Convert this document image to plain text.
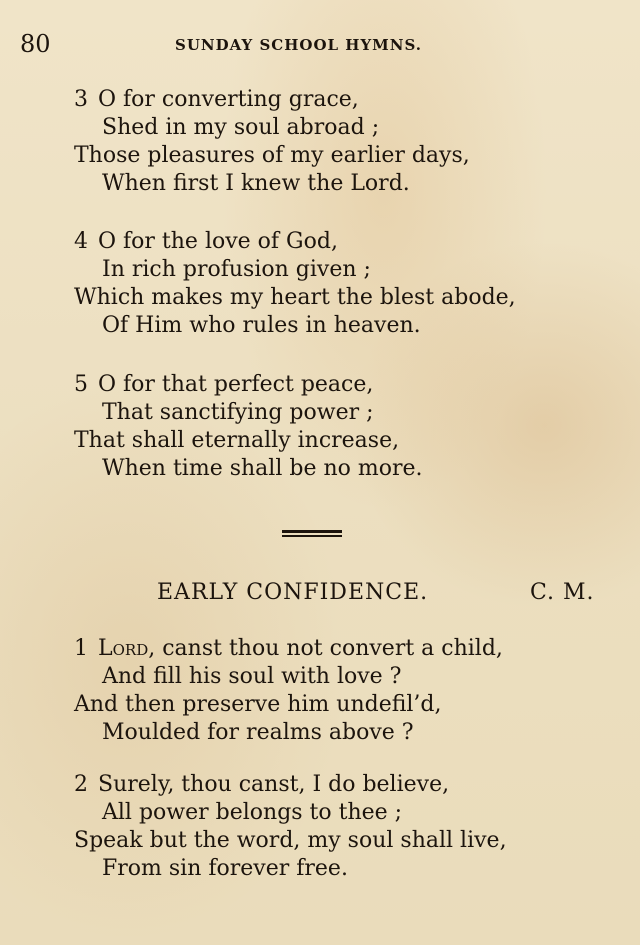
80	SUNDAY SCHOOL HYMNS.
3 O for converting grace,
Shed in my soul abroad ;
Those pleasures of my earlier days,
When first I knew the Lord.
4 O for the love of God,
In rich profusion given ;
Which makes my heart the blest abode,
Of Him who rules in heaven.
5 O for that perfect peace,
That sanctifying power ;
That shall eternally increase,
When time shall be no more.
EARLY CONFIDENCE.	C. M.
1 Lord, canst thou not convert a child,
And fill his soul with love ?
And then preserve him undefil’d,
Moulded for realms above ?
2 Surely, thou canst, I do believe,
All power belongs to thee ;
Speak but the word, my soul shall live,
From sin forever free.
